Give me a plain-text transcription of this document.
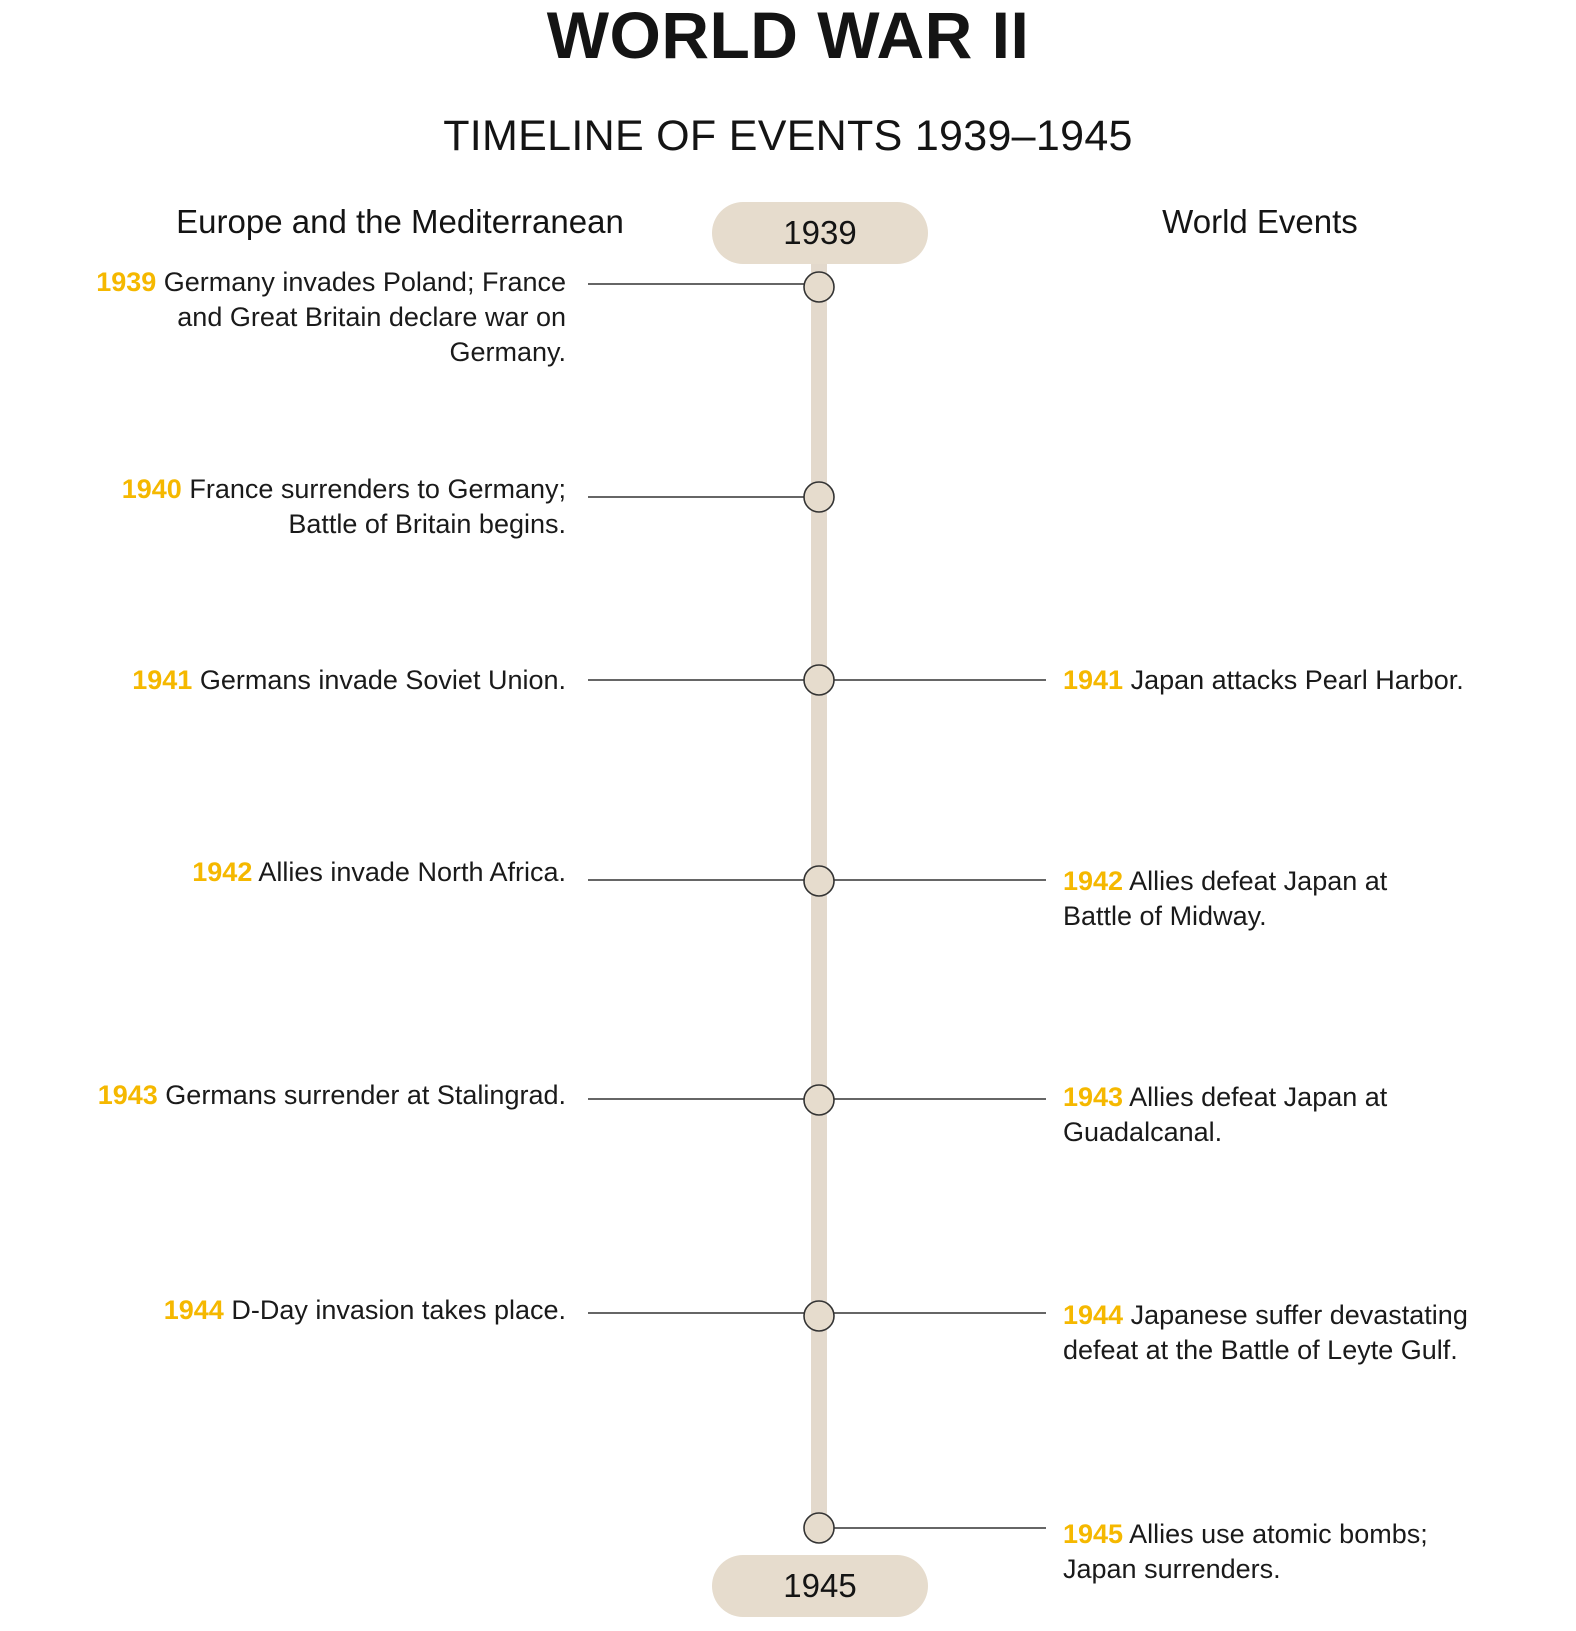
WORLD WAR II
TIMELINE OF EVENTS 1939–1945
Europe and the Mediterranean	World Events
1939
1945
1939 Germany invades Poland; France and Great Britain declare war on Germany.
1940 France surrenders to Germany; Battle of Britain begins.
1941 Germans invade Soviet Union.
1942 Allies invade North Africa.
1943 Germans surrender at Stalingrad.
1944 D-Day invasion takes place.
1941 Japan attacks Pearl Harbor.
1942 Allies defeat Japan at Battle of Midway.
1943 Allies defeat Japan at Guadalcanal.
1944 Japanese suffer devastating defeat at the Battle of Leyte Gulf.
1945 Allies use atomic bombs; Japan surrenders.
